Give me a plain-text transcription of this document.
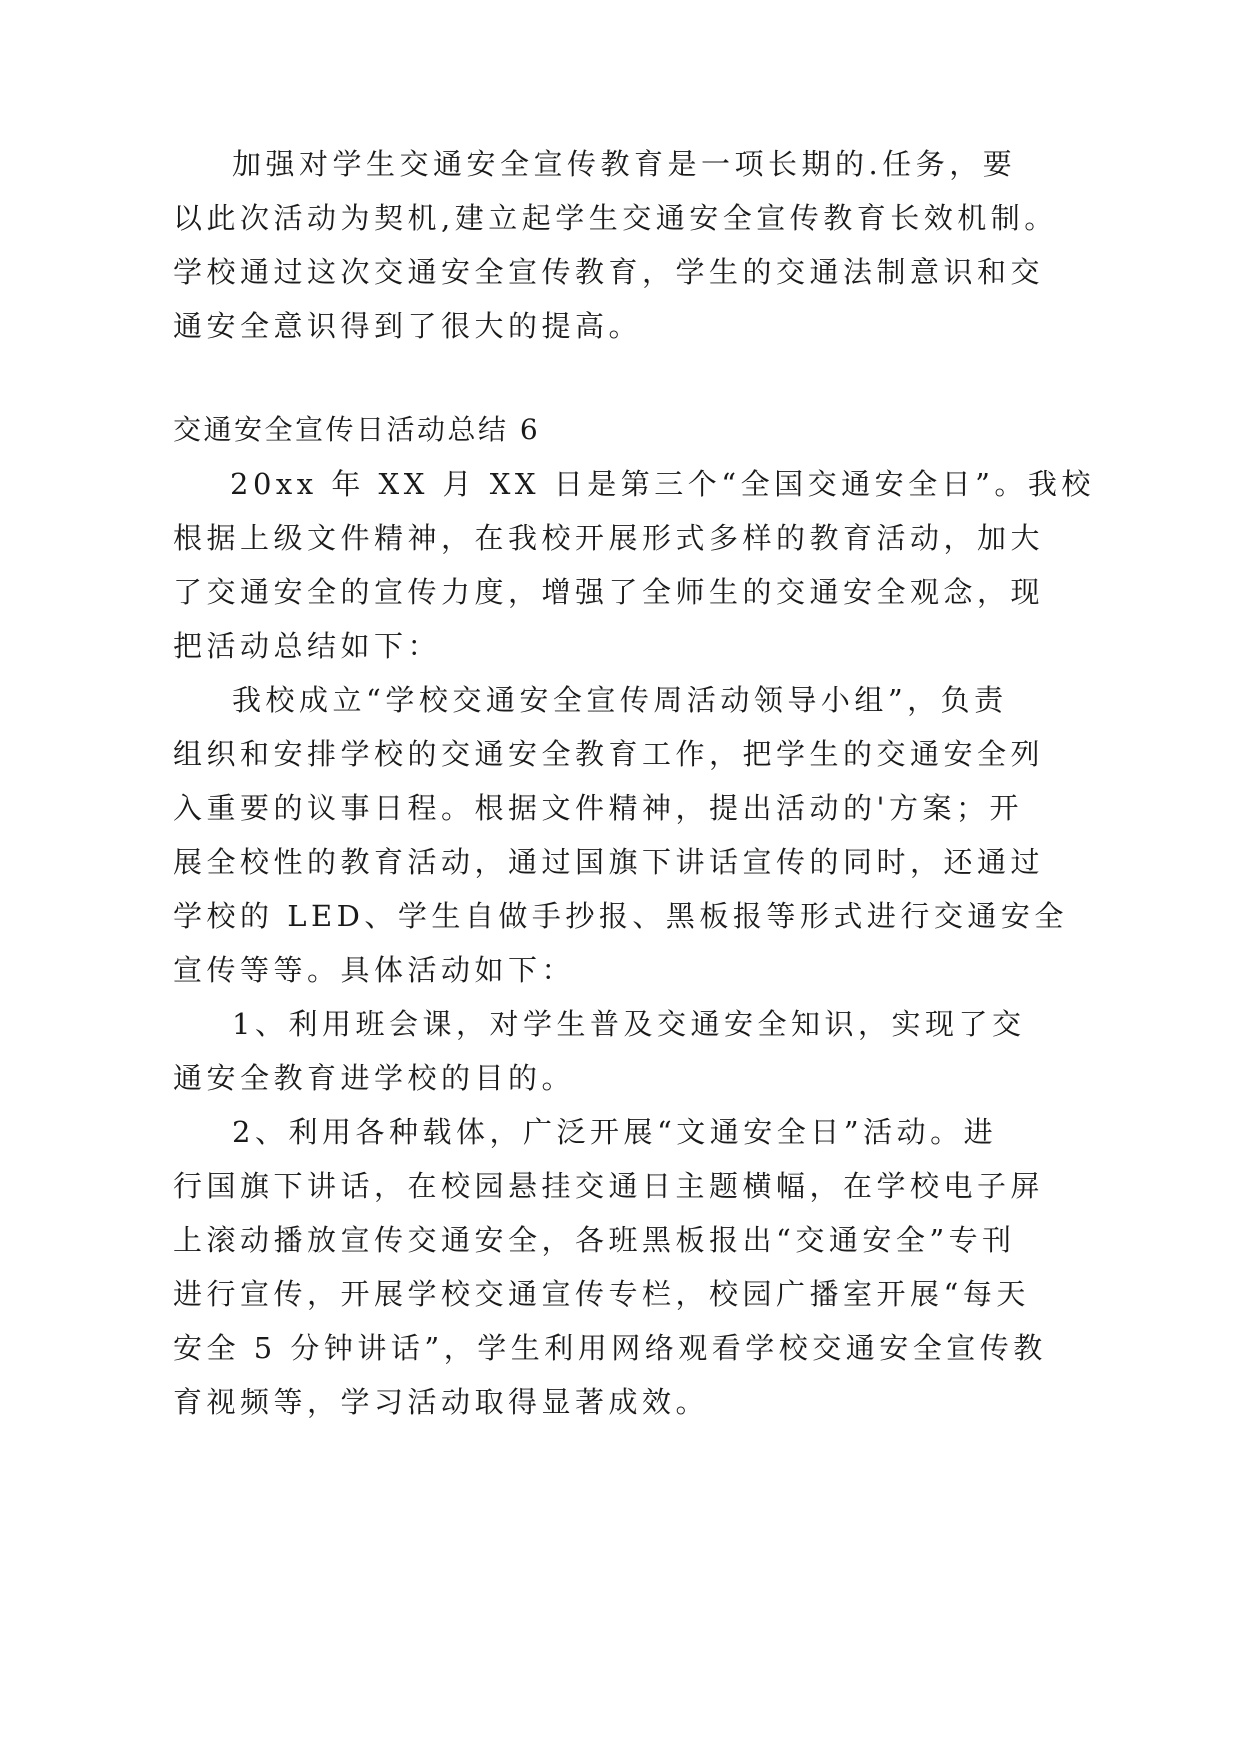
加强对学生交通安全宣传教育是一项长期的.任务，要
以此次活动为契机,建立起学生交通安全宣传教育长效机制。
学校通过这次交通安全宣传教育，学生的交通法制意识和交
通安全意识得到了很大的提高。
交通安全宣传日活动总结 6
20xx 年 XX 月 XX 日是第三个“全国交通安全日”。我校
根据上级文件精神，在我校开展形式多样的教育活动，加大
了交通安全的宣传力度，增强了全师生的交通安全观念，现
把活动总结如下：
我校成立“学校交通安全宣传周活动领导小组”，负责
组织和安排学校的交通安全教育工作，把学生的交通安全列
入重要的议事日程。根据文件精神，提出活动的'方案；开
展全校性的教育活动，通过国旗下讲话宣传的同时，还通过
学校的 LED、学生自做手抄报、黑板报等形式进行交通安全
宣传等等。具体活动如下：
1、利用班会课，对学生普及交通安全知识，实现了交
通安全教育进学校的目的。
2、利用各种载体，广泛开展“文通安全日”活动。进
行国旗下讲话，在校园悬挂交通日主题横幅，在学校电子屏
上滚动播放宣传交通安全，各班黑板报出“交通安全”专刊
进行宣传，开展学校交通宣传专栏，校园广播室开展“每天
安全 5 分钟讲话”，学生利用网络观看学校交通安全宣传教
育视频等，学习活动取得显著成效。
